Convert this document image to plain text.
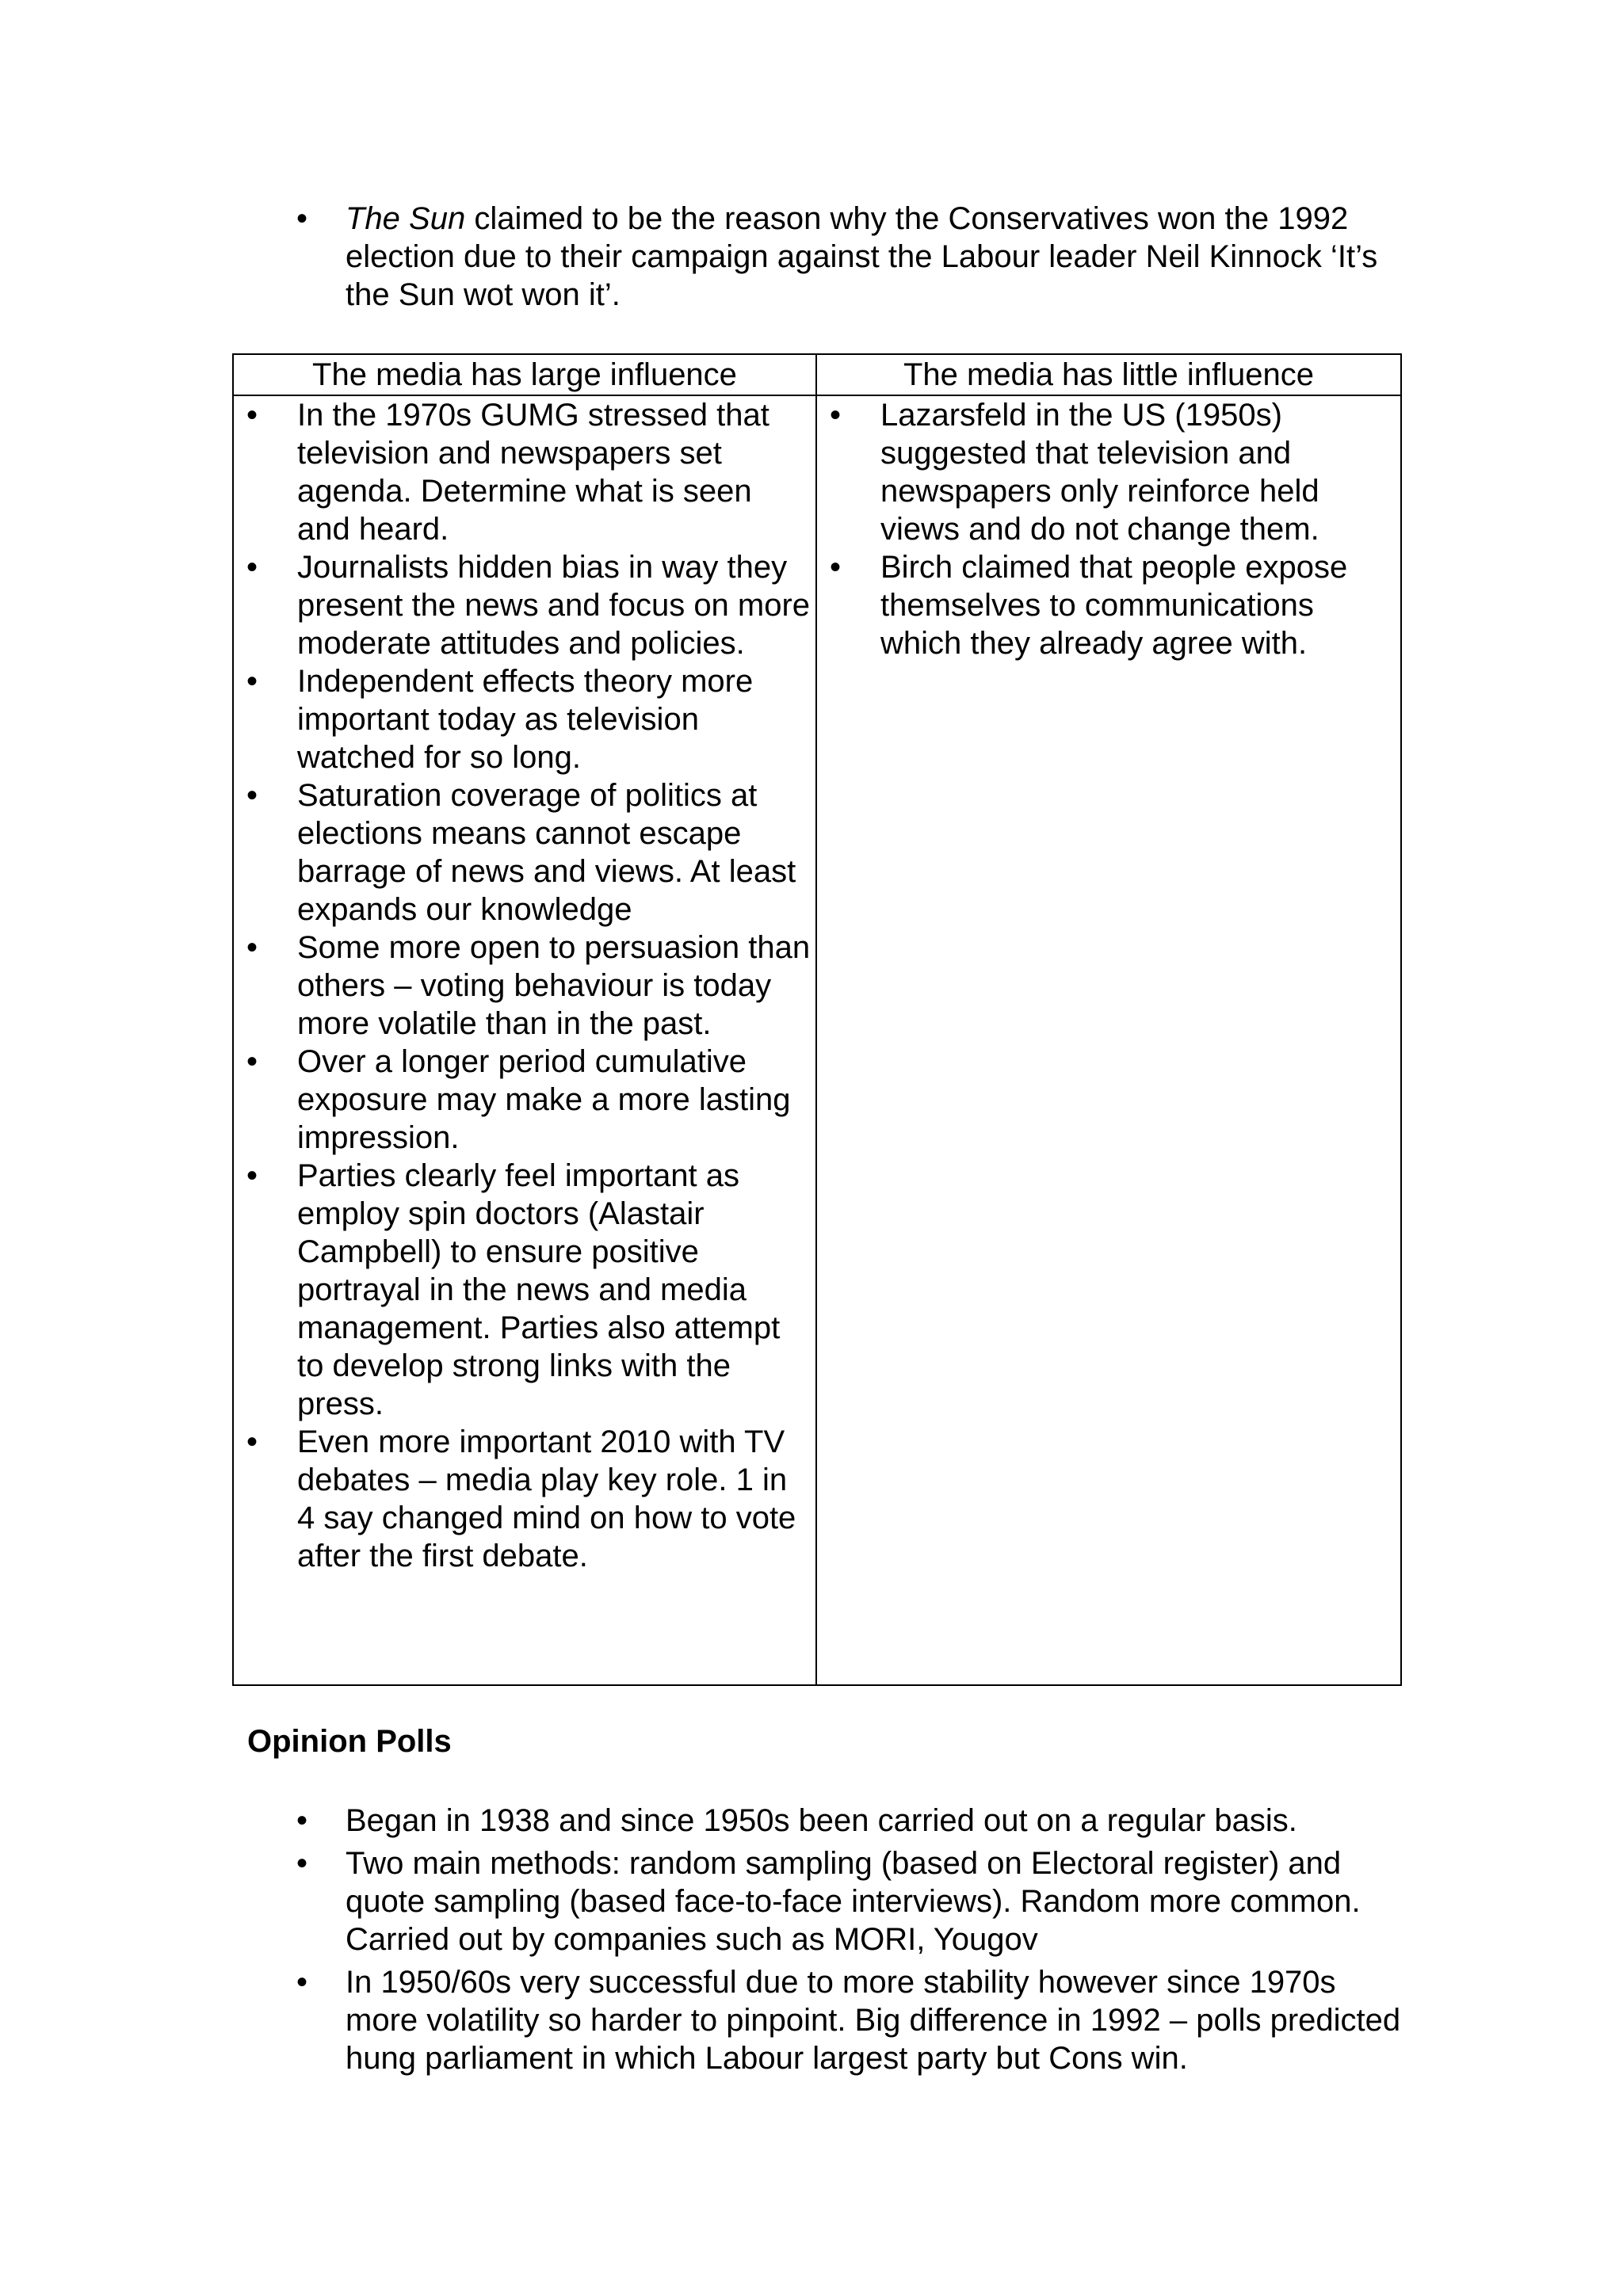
• The Sun claimed to be the reason why the Conservatives won the 1992 election due to their campaign against the Labour leader Neil Kinnock ‘It’s the Sun wot won it’.
The media has large influence	The media has little influence
• In the 1970s GUMG stressed that television and newspapers set agenda. Determine what is seen and heard.
• Journalists hidden bias in way they present the news and focus on more moderate attitudes and policies.
• Independent effects theory more important today as television watched for so long.
• Saturation coverage of politics at elections means cannot escape barrage of news and views. At least expands our knowledge
• Some more open to persuasion than others – voting behaviour is today more volatile than in the past.
• Over a longer period cumulative exposure may make a more lasting impression.
• Parties clearly feel important as employ spin doctors (Alastair Campbell) to ensure positive portrayal in the news and media management. Parties also attempt to develop strong links with the press.
• Even more important 2010 with TV debates – media play key role. 1 in 4 say changed mind on how to vote after the first debate.
• Lazarsfeld in the US (1950s) suggested that television and newspapers only reinforce held views and do not change them.
• Birch claimed that people expose themselves to communications which they already agree with.
Opinion Polls
• Began in 1938 and since 1950s been carried out on a regular basis.
• Two main methods: random sampling (based on Electoral register) and quote sampling (based face-to-face interviews). Random more common. Carried out by companies such as MORI, Yougov
• In 1950/60s very successful due to more stability however since 1970s more volatility so harder to pinpoint. Big difference in 1992 – polls predicted hung parliament in which Labour largest party but Cons win.
